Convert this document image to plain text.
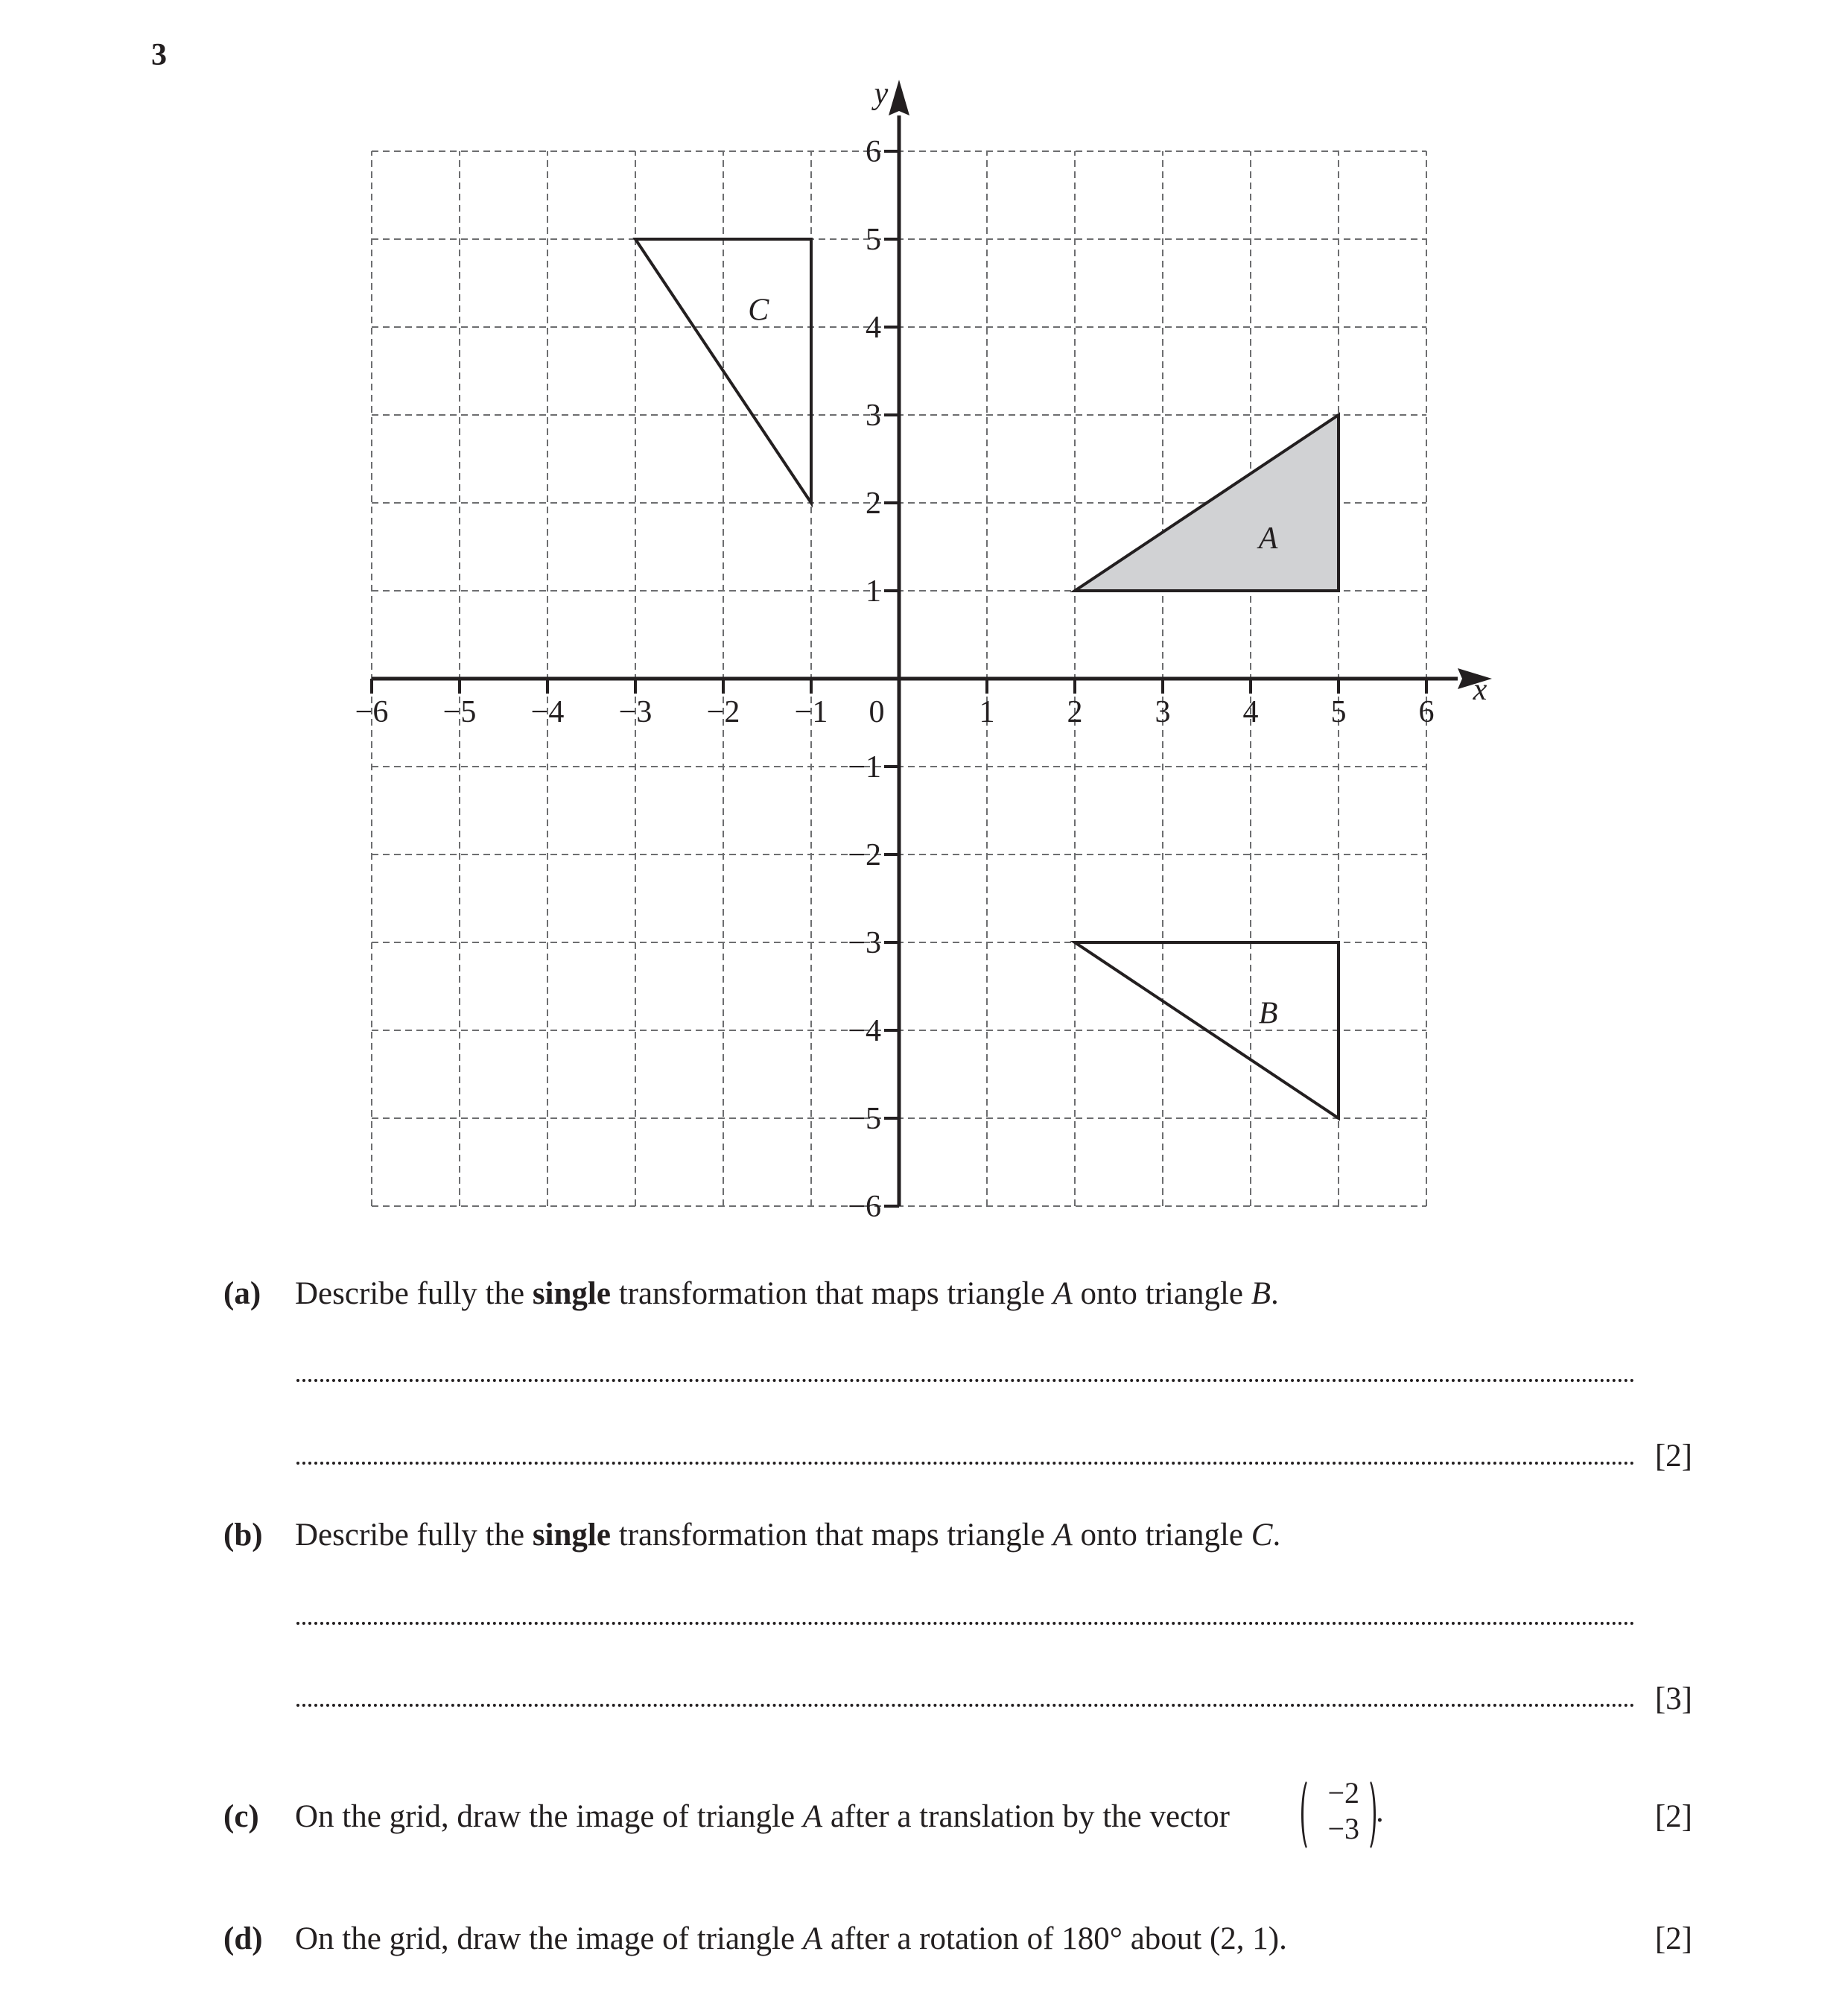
3
A
B
C
−6 −5 −4 −3 −2 −1	1 2 3 4 5 6
6
5
4
3
2
1
−1
−2
−3
−4
−5
−6
0
x
y
(a) Describe fully the single transformation that maps triangle A onto triangle B.
[2]
(b) Describe fully the single transformation that maps triangle A onto triangle C.
[3]
(c) On the grid, draw the image of triangle A after a translation by the vector
−2
−3 .	[2]
(d) On the grid, draw the image of triangle A after a rotation of 180° about (2, 1).	[2]
